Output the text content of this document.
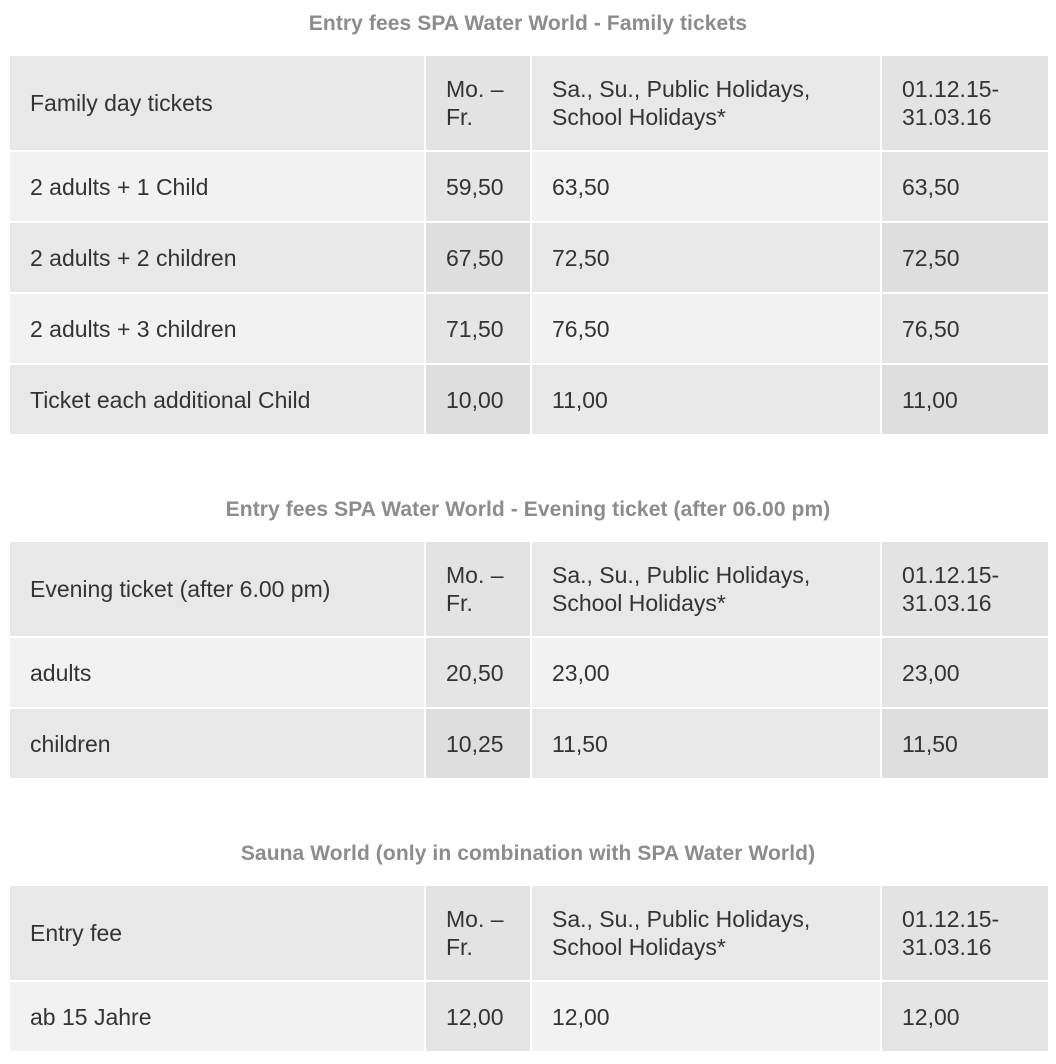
Entry fees SPA Water World - Family tickets
Family day tickets	Mo. – Fr.	Sa., Su., Public Holidays, School Holidays*	01.12.15-31.03.16
2 adults + 1 Child	59,50	63,50	63,50
2 adults + 2 children	67,50	72,50	72,50
2 adults + 3 children	71,50	76,50	76,50
Ticket each additional Child	10,00	11,00	11,00
Entry fees SPA Water World - Evening ticket (after 06.00 pm)
Evening ticket (after 6.00 pm)	Mo. – Fr.	Sa., Su., Public Holidays, School Holidays*	01.12.15-31.03.16
adults	20,50	23,00	23,00
children	10,25	11,50	11,50
Sauna World (only in combination with SPA Water World)
Entry fee	Mo. – Fr.	Sa., Su., Public Holidays, School Holidays*	01.12.15-31.03.16
ab 15 Jahre	12,00	12,00	12,00
